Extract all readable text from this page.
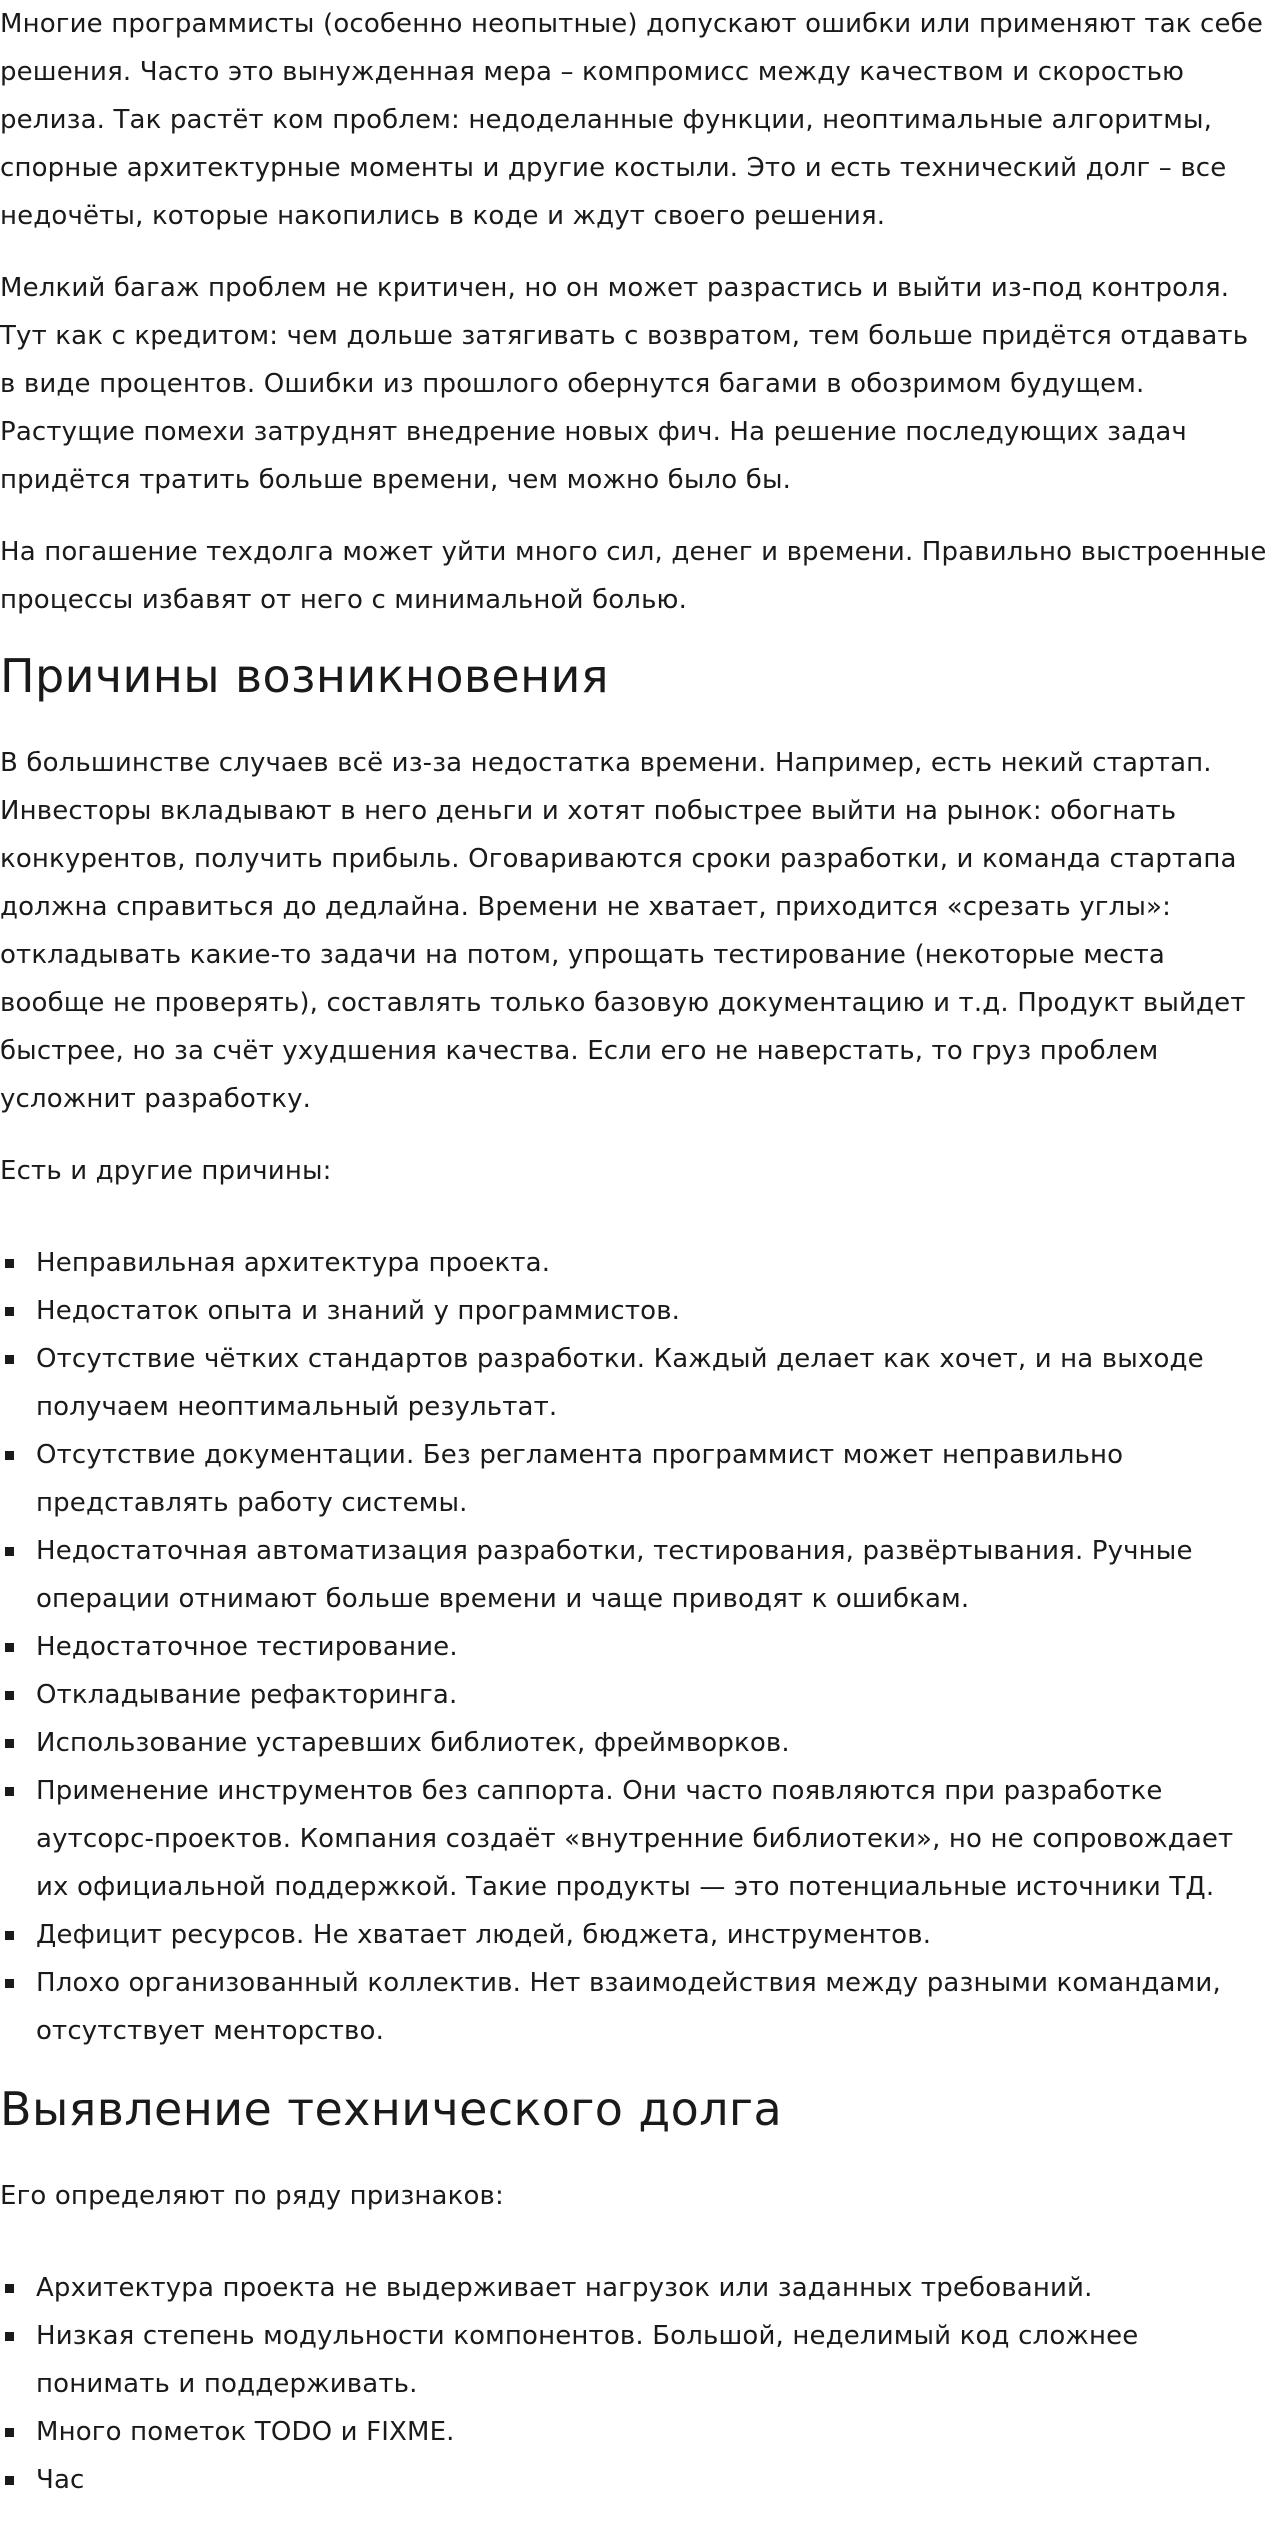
Многие программисты (особенно неопытные) допускают ошибки или применяют так себе решения. Часто это вынужденная мера – компромисс между качеством и скоростью релиза. Так растёт ком проблем: недоделанные функции, неоптимальные алгоритмы, спорные архитектурные моменты и другие костыли. Это и есть технический долг – все недочёты, которые накопились в коде и ждут своего решения.

Мелкий багаж проблем не критичен, но он может разрастись и выйти из-под контроля. Тут как с кредитом: чем дольше затягивать с возвратом, тем больше придётся отдавать в виде процентов. Ошибки из прошлого обернутся багами в обозримом будущем. Растущие помехи затруднят внедрение новых фич. На решение последующих задач придётся тратить больше времени, чем можно было бы.

На погашение техдолга может уйти много сил, денег и времени. Правильно выстроенные процессы избавят от него с минимальной болью.

Причины возникновения

В большинстве случаев всё из-за недостатка времени. Например, есть некий стартап. Инвесторы вкладывают в него деньги и хотят побыстрее выйти на рынок: обогнать конкурентов, получить прибыль. Оговариваются сроки разработки, и команда стартапа должна справиться до дедлайна. Времени не хватает, приходится «срезать углы»: откладывать какие-то задачи на потом, упрощать тестирование (некоторые места вообще не проверять), составлять только базовую документацию и т.д. Продукт выйдет быстрее, но за счёт ухудшения качества. Если его не наверстать, то груз проблем усложнит разработку.

Есть и другие причины:

Неправильная архитектура проекта.
Недостаток опыта и знаний у программистов.
Отсутствие чётких стандартов разработки. Каждый делает как хочет, и на выходе получаем неоптимальный результат.
Отсутствие документации. Без регламента программист может неправильно представлять работу системы.
Недостаточная автоматизация разработки, тестирования, развёртывания. Ручные операции отнимают больше времени и чаще приводят к ошибкам.
Недостаточное тестирование.
Откладывание рефакторинга.
Использование устаревших библиотек, фреймворков.
Применение инструментов без саппорта. Они часто появляются при разработке аутсорс-проектов. Компания создаёт «внутренние библиотеки», но не сопровождает их официальной поддержкой. Такие продукты — это потенциальные источники ТД.
Дефицит ресурсов. Не хватает людей, бюджета, инструментов.
Плохо организованный коллектив. Нет взаимодействия между разными командами, отсутствует менторство.
Выявление технического долга

Его определяют по ряду признаков:

Архитектура проекта не выдерживает нагрузок или заданных требований.
Низкая степень модульности компонентов. Большой, неделимый код сложнее понимать и поддерживать.
Много пометок TODO и FIXME.
Час
